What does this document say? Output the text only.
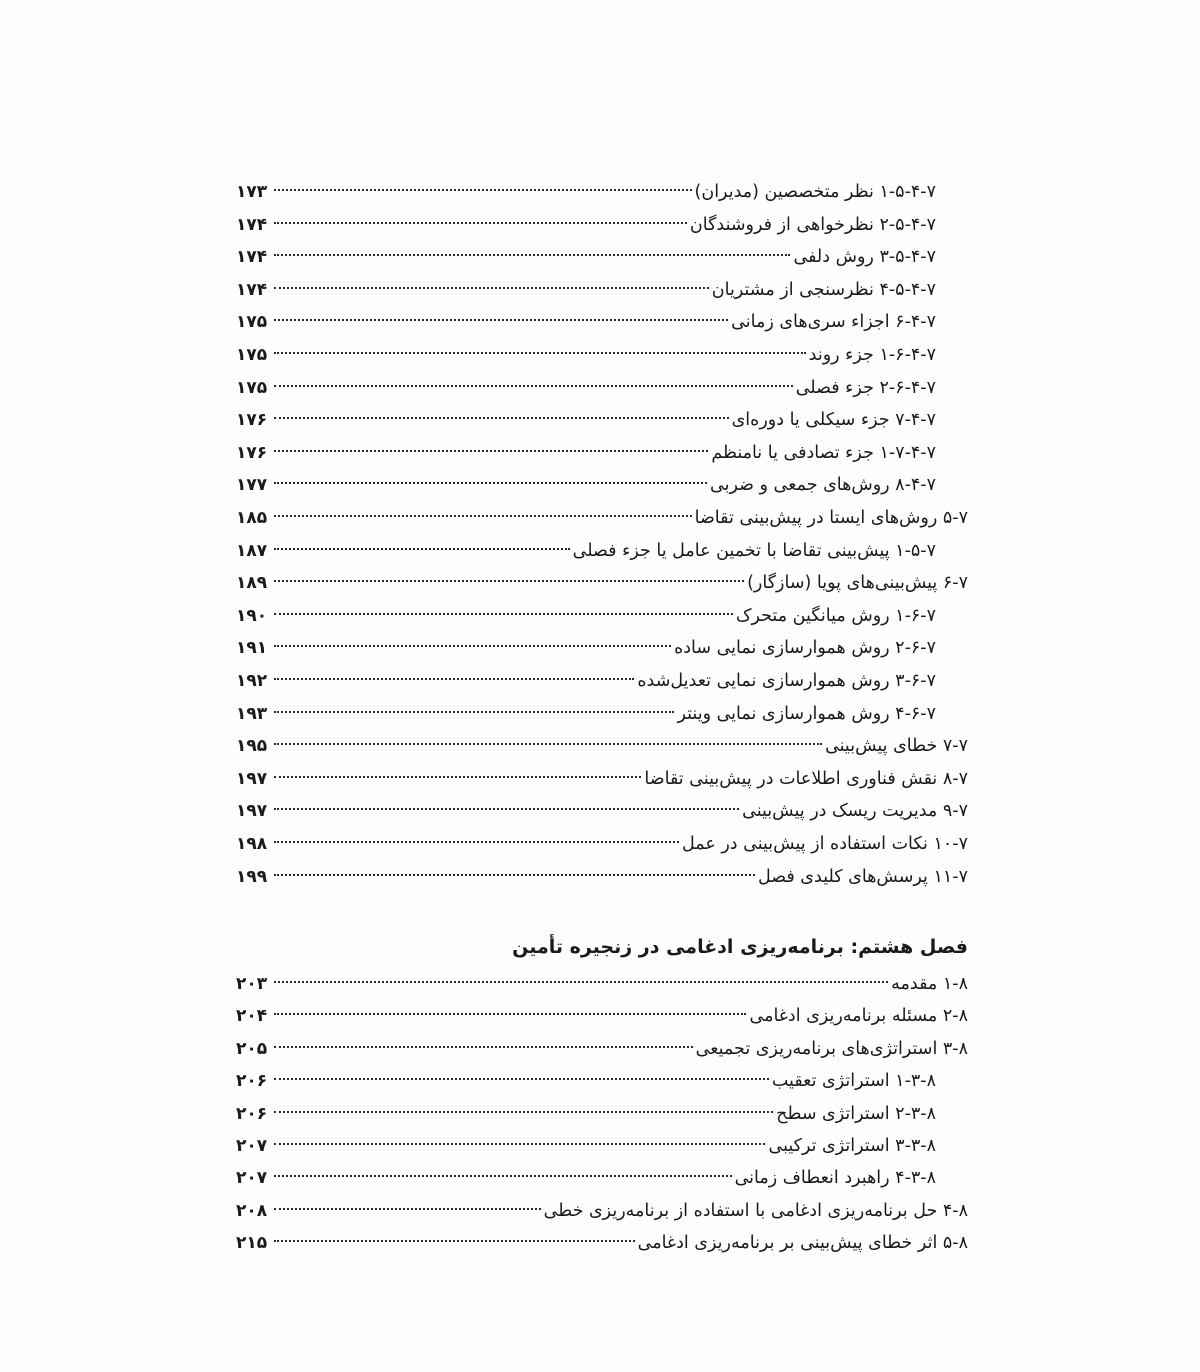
۱-۵-۴-۷ نظر متخصصین (مدیران)
۱۷۳
۲-۵-۴-۷ نظرخواهی از فروشندگان
۱۷۴
۳-۵-۴-۷ روش دلفی
۱۷۴
۴-۵-۴-۷ نظرسنجی از مشتریان
۱۷۴
۶-۴-۷ اجزاء سری‌های زمانی
۱۷۵
۱-۶-۴-۷ جزء روند
۱۷۵
۲-۶-۴-۷ جزء فصلی
۱۷۵
۷-۴-۷ جزء سیکلی یا دوره‌ای
۱۷۶
۱-۷-۴-۷ جزء تصادفی یا نامنظم
۱۷۶
۸-۴-۷ روش‌های جمعی و ضربی
۱۷۷
۵-۷ روش‌های ایستا در پیش‌بینی تقاضا
۱۸۵
۱-۵-۷ پیش‌بینی تقاضا با تخمین عامل یا جزء فصلی
۱۸۷
۶-۷ پیش‌بینی‌های پویا (سازگار)
۱۸۹
۱-۶-۷ روش میانگین متحرک
۱۹۰
۲-۶-۷ روش هموارسازی نمایی ساده
۱۹۱
۳-۶-۷ روش هموارسازی نمایی تعدیل‌شده
۱۹۲
۴-۶-۷ روش هموارسازی نمایی وینتر
۱۹۳
۷-۷ خطای پیش‌بینی
۱۹۵
۸-۷ نقش فناوری اطلاعات در پیش‌بینی تقاضا
۱۹۷
۹-۷ مدیریت ریسک در پیش‌بینی
۱۹۷
۱۰-۷ نکات استفاده از پیش‌بینی در عمل
۱۹۸
۱۱-۷ پرسش‌های کلیدی فصل
۱۹۹
فصل هشتم: برنامه‌ریزی ادغامی در زنجیره تأمین
۱-۸ مقدمه
۲۰۳
۲-۸ مسئله برنامه‌ریزی ادغامی
۲۰۴
۳-۸ استراتژی‌های برنامه‌ریزی تجمیعی
۲۰۵
۱-۳-۸ استراتژی تعقیب
۲۰۶
۲-۳-۸ استراتژی سطح
۲۰۶
۳-۳-۸ استراتژی ترکیبی
۲۰۷
۴-۳-۸ راهبرد انعطاف زمانی
۲۰۷
۴-۸ حل برنامه‌ریزی ادغامی با استفاده از برنامه‌ریزی خطی
۲۰۸
۵-۸ اثر خطای پیش‌بینی بر برنامه‌ریزی ادغامی
۲۱۵
